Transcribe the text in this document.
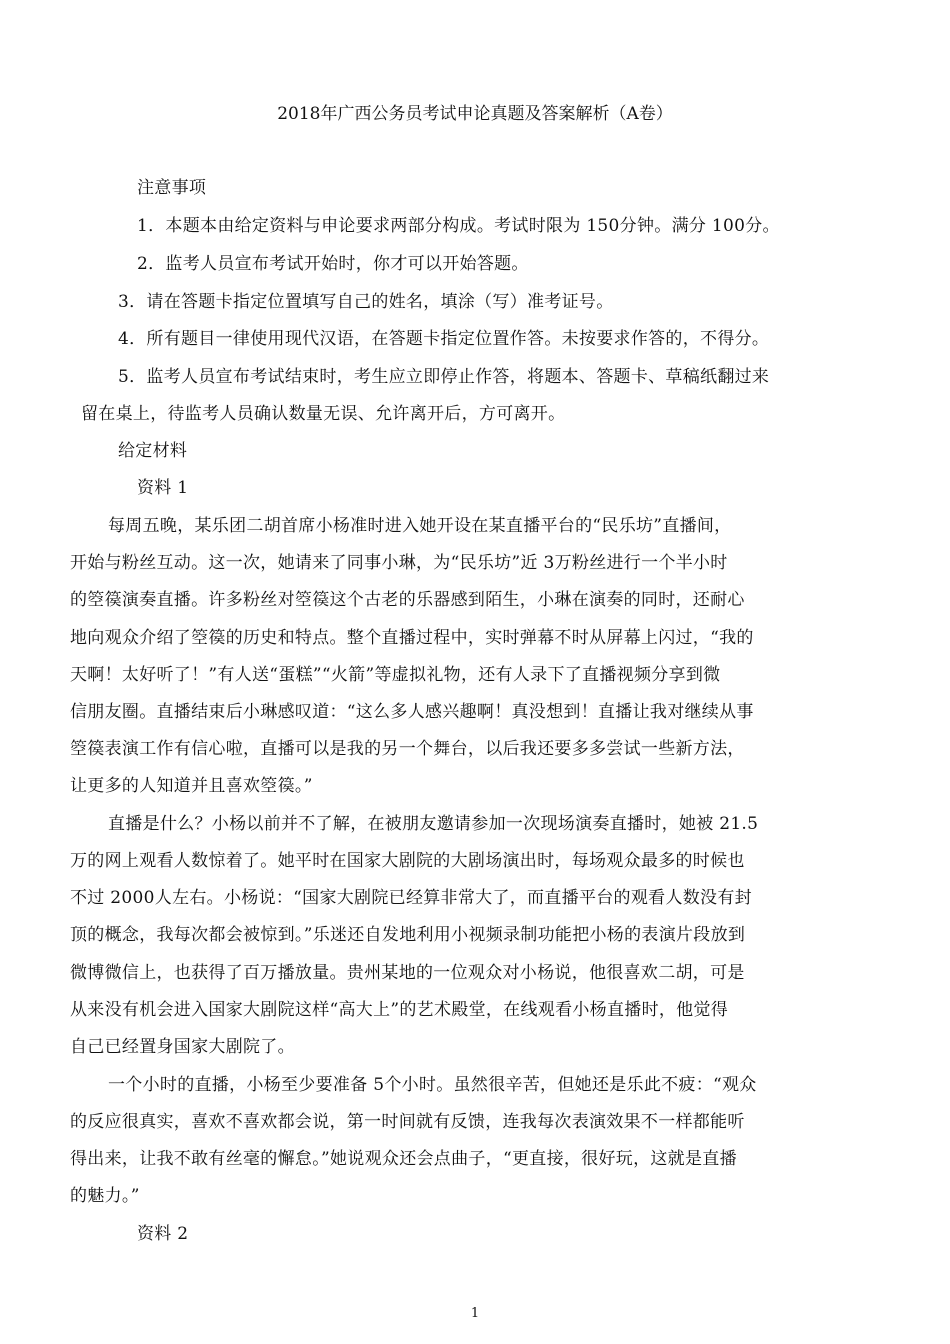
2018年广西公务员考试申论真题及答案解析（A卷）
注意事项
1．本题本由给定资料与申论要求两部分构成。考试时限为 150分钟。满分 100分。
2．监考人员宣布考试开始时，你才可以开始答题。
3．请在答题卡指定位置填写自己的姓名，填涂（写）准考证号。
4．所有题目一律使用现代汉语，在答题卡指定位置作答。未按要求作答的，不得分。
5．监考人员宣布考试结束时，考生应立即停止作答，将题本、答题卡、草稿纸翻过来
留在桌上，待监考人员确认数量无误、允许离开后，方可离开。
给定材料
资料 1
每周五晚，某乐团二胡首席小杨准时进入她开设在某直播平台的“民乐坊”直播间，
开始与粉丝互动。这一次，她请来了同事小琳，为“民乐坊”近 3万粉丝进行一个半小时
的箜篌演奏直播。许多粉丝对箜篌这个古老的乐器感到陌生，小琳在演奏的同时，还耐心
地向观众介绍了箜篌的历史和特点。整个直播过程中，实时弹幕不时从屏幕上闪过，“我的
天啊！太好听了！”有人送“蛋糕”“火箭”等虚拟礼物，还有人录下了直播视频分享到微
信朋友圈。直播结束后小琳感叹道：“这么多人感兴趣啊！真没想到！直播让我对继续从事
箜篌表演工作有信心啦，直播可以是我的另一个舞台，以后我还要多多尝试一些新方法，
让更多的人知道并且喜欢箜篌。”
直播是什么？小杨以前并不了解，在被朋友邀请参加一次现场演奏直播时，她被 21.5
万的网上观看人数惊着了。她平时在国家大剧院的大剧场演出时，每场观众最多的时候也
不过 2000人左右。小杨说：“国家大剧院已经算非常大了，而直播平台的观看人数没有封
顶的概念，我每次都会被惊到。”乐迷还自发地利用小视频录制功能把小杨的表演片段放到
微博微信上，也获得了百万播放量。贵州某地的一位观众对小杨说，他很喜欢二胡，可是
从来没有机会进入国家大剧院这样“高大上”的艺术殿堂，在线观看小杨直播时，他觉得
自己已经置身国家大剧院了。
一个小时的直播，小杨至少要准备 5个小时。虽然很辛苦，但她还是乐此不疲：“观众
的反应很真实，喜欢不喜欢都会说，第一时间就有反馈，连我每次表演效果不一样都能听
得出来，让我不敢有丝毫的懈怠。”她说观众还会点曲子，“更直接，很好玩，这就是直播
的魅力。”
资料 2
1
